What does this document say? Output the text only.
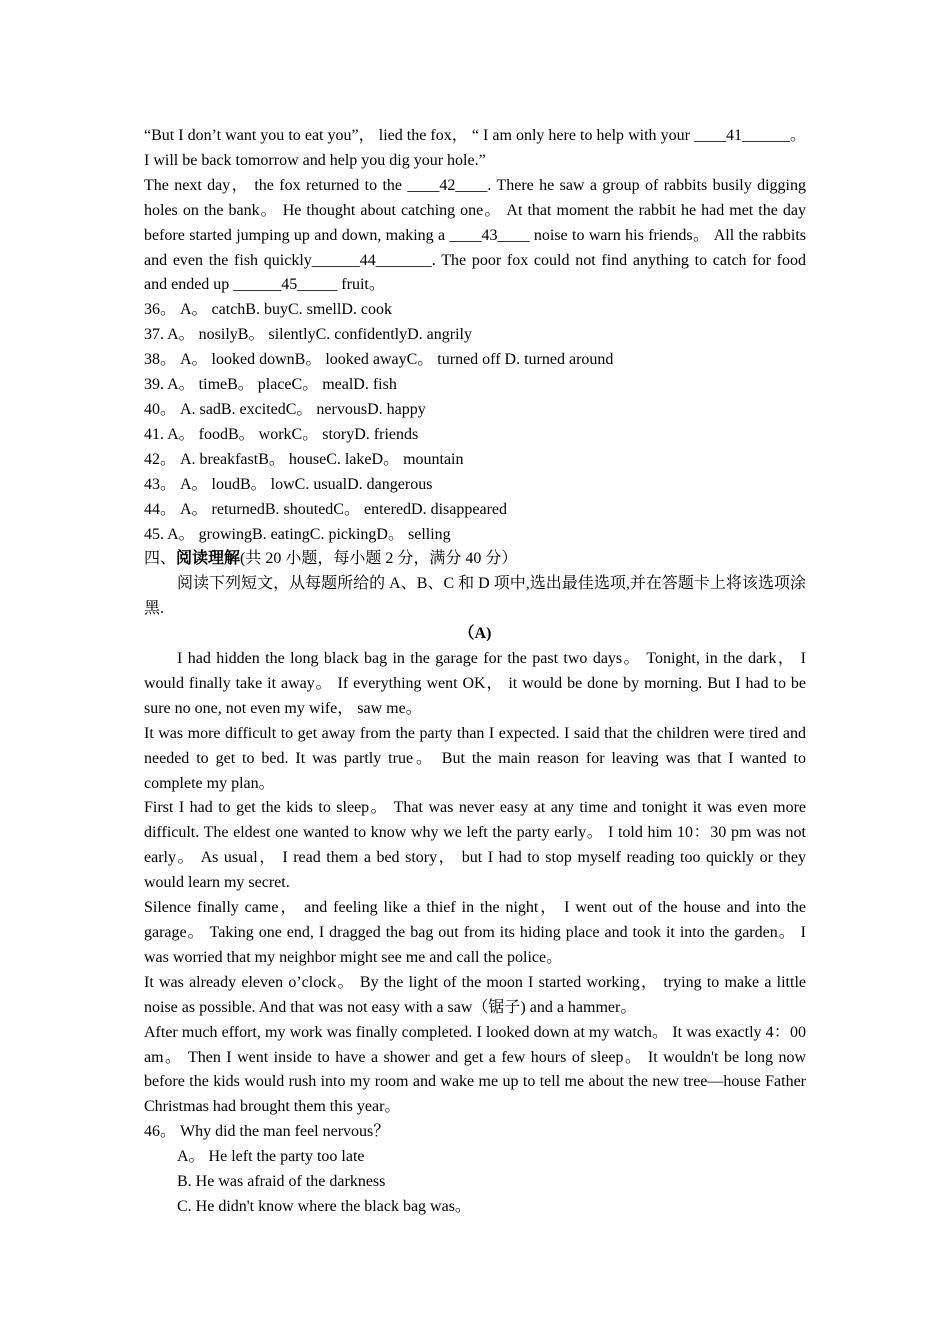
“But I don’t want you to eat you”， lied the fox， “ I am only here to help with your ____41______。 I will be back tomorrow and help you dig your hole.”

The next day， the fox returned to the ____42____. There he saw a group of rabbits busily digging holes on the bank。 He thought about catching one。 At that moment the rabbit he had met the day before started jumping up and down, making a ____43____ noise to warn his friends。 All the rabbits and even the fish quickly______44_______. The poor fox could not find anything to catch for food and ended up ______45_____ fruit。

36。 A。 catchB. buyC. smellD. cook

37. A。 nosilyB。 silentlyC. confidentlyD. angrily

38。 A。 looked downB。 looked awayC。 turned off D. turned around

39. A。 timeB。 placeC。 mealD. fish

40。 A. sadB. excitedC。 nervousD. happy

41. A。 foodB。 workC。 storyD. friends

42。 A. breakfastB。 houseC. lakeD。 mountain

43。 A。 loudB。 lowC. usualD. dangerous

44。 A。 returnedB. shoutedC。 enteredD. disappeared

45. A。 growingB. eatingC. pickingD。 selling

四、阅读理解(共 20 小题，每小题 2 分，满分 40 分）

阅读下列短文，从每题所给的 A、B、C 和 D 项中,选出最佳选项,并在答题卡上将该选项涂黑.

（A)

I had hidden the long black bag in the garage for the past two days。 Tonight, in the dark， I would finally take it away。 If everything went OK， it would be done by morning. But I had to be sure no one, not even my wife， saw me。

It was more difficult to get away from the party than I expected. I said that the children were tired and needed to get to bed. It was partly true。 But the main reason for leaving was that I wanted to complete my plan。

First I had to get the kids to sleep。 That was never easy at any time and tonight it was even more difficult. The eldest one wanted to know why we left the party early。 I told him 10：30 pm was not early。 As usual， I read them a bed story， but I had to stop myself reading too quickly or they would learn my secret.

Silence finally came， and feeling like a thief in the night， I went out of the house and into the garage。 Taking one end, I dragged the bag out from its hiding place and took it into the garden。 I was worried that my neighbor might see me and call the police。

It was already eleven o’clock。 By the light of the moon I started working， trying to make a little noise as possible. And that was not easy with a saw（锯子) and a hammer。

After much effort, my work was finally completed. I looked down at my watch。 It was exactly 4：00 am。 Then I went inside to have a shower and get a few hours of sleep。 It wouldn't be long now before the kids would rush into my room and wake me up to tell me about the new tree—house Father Christmas had brought them this year。

46。 Why did the man feel nervous？

A。 He left the party too late

B. He was afraid of the darkness

C. He didn't know where the black bag was。
